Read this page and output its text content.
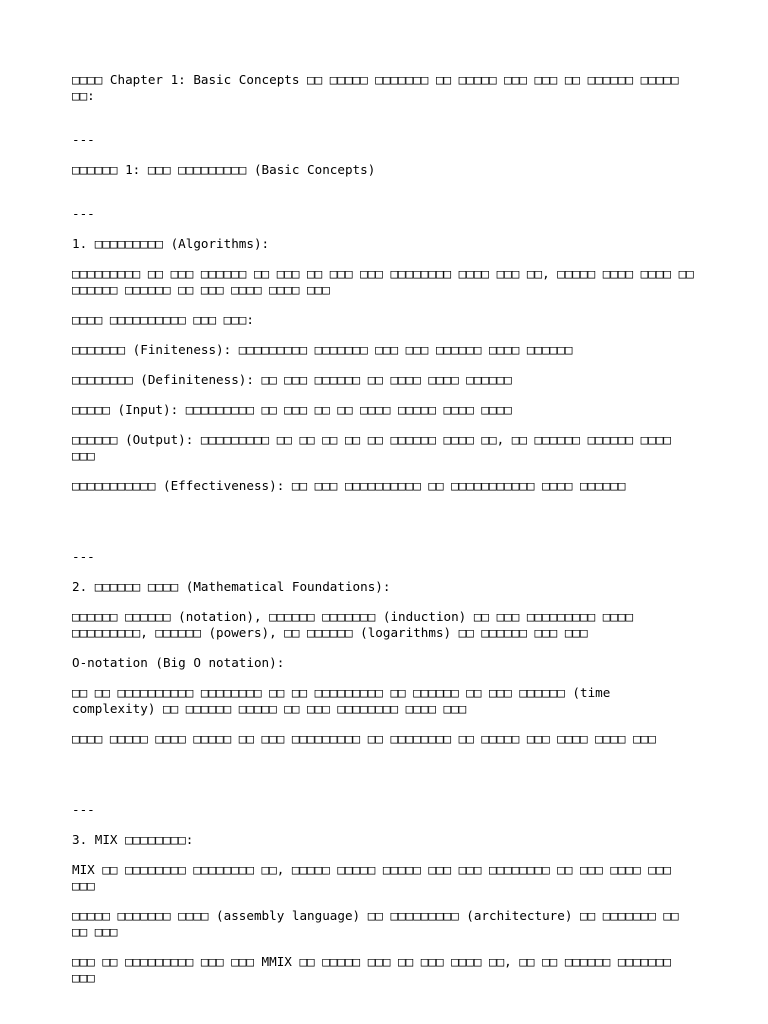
□□□□ Chapter 1: Basic Concepts □□ □□□□□ □□□□□□□ □□ □□□□□ □□□ □□□ □□ □□□□□□ □□□□□ □□:

---

□□□□□□ 1: □□□ □□□□□□□□□ (Basic Concepts)

---

1. □□□□□□□□□ (Algorithms):

□□□□□□□□□ □□ □□□ □□□□□□ □□ □□□ □□ □□□ □□□ □□□□□□□□ □□□□ □□□ □□, □□□□□ □□□□ □□□□ □□ □□□□□□ □□□□□□ □□ □□□ □□□□ □□□□ □□□

□□□□ □□□□□□□□□□ □□□ □□□:

□□□□□□□ (Finiteness): □□□□□□□□□ □□□□□□□ □□□ □□□ □□□□□□ □□□□ □□□□□□

□□□□□□□□ (Definiteness): □□ □□□ □□□□□□ □□ □□□□ □□□□ □□□□□□

□□□□□ (Input): □□□□□□□□□ □□ □□□ □□ □□ □□□□ □□□□□ □□□□ □□□□

□□□□□□ (Output): □□□□□□□□□ □□ □□ □□ □□ □□ □□□□□□ □□□□ □□, □□ □□□□□□ □□□□□□ □□□□ □□□

□□□□□□□□□□□ (Effectiveness): □□ □□□ □□□□□□□□□□ □□ □□□□□□□□□□□ □□□□ □□□□□□

---

2. □□□□□□ □□□□ (Mathematical Foundations):

□□□□□□ □□□□□□ (notation), □□□□□□ □□□□□□□ (induction) □□ □□□ □□□□□□□□□ □□□□ □□□□□□□□□, □□□□□□ (powers), □□ □□□□□□ (logarithms) □□ □□□□□□ □□□ □□□

O-notation (Big O notation):

□□ □□ □□□□□□□□□□ □□□□□□□□ □□ □□ □□□□□□□□□ □□ □□□□□□ □□ □□□ □□□□□□ (time complexity) □□ □□□□□□ □□□□□ □□ □□□ □□□□□□□□ □□□□ □□□

□□□□ □□□□□ □□□□ □□□□□ □□ □□□ □□□□□□□□□ □□ □□□□□□□□ □□ □□□□□ □□□ □□□□ □□□□ □□□

---

3. MIX □□□□□□□□:

MIX □□ □□□□□□□□ □□□□□□□□ □□, □□□□□ □□□□□ □□□□□ □□□ □□□ □□□□□□□□ □□ □□□ □□□□ □□□ □□□

□□□□□ □□□□□□□ □□□□ (assembly language) □□ □□□□□□□□□ (architecture) □□ □□□□□□□ □□ □□ □□□

□□□ □□ □□□□□□□□□ □□□ □□□ MMIX □□ □□□□□ □□□ □□ □□□ □□□□ □□, □□ □□ □□□□□□ □□□□□□□ □□□
